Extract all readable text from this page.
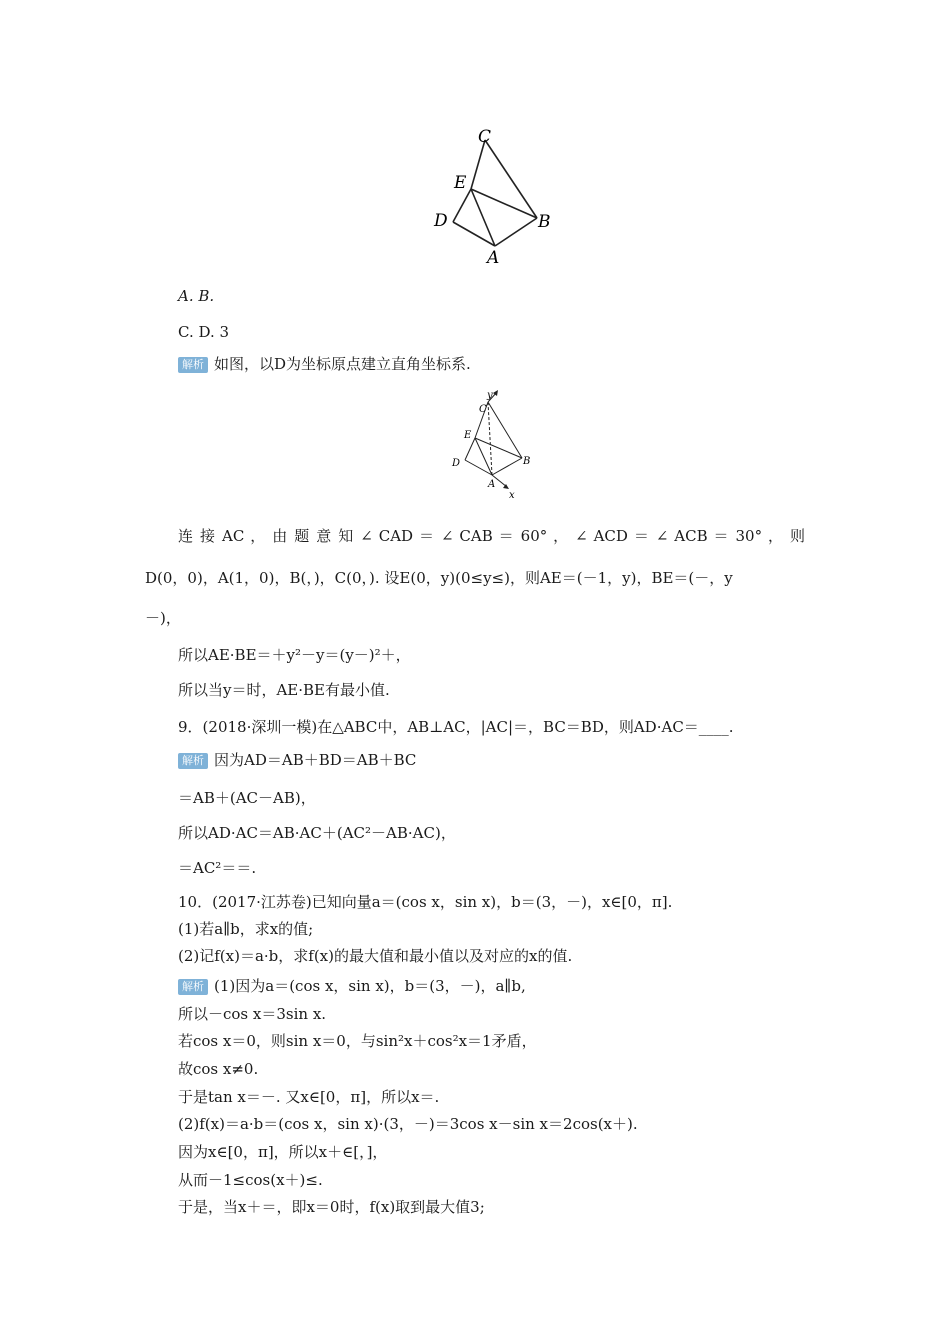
C
E
D	B
A
A. B.
C. D. 3
解析 如图，以D为坐标原点建立直角坐标系.
y
C
E
D	B
A
x
连 接 AC ， 由 题 意 知 ∠ CAD ＝ ∠ CAB ＝ 60° ， ∠ ACD ＝ ∠ ACB ＝ 30° ， 则
D(0，0)，A(1，0)，B(，)，C(0，). 设E(0，y)(0≤y≤)，则AE＝(－1，y)，BE＝(－，y
－)，
所以AE·BE＝＋y²－y＝(y－)²＋，
所以当y＝时，AE·BE有最小值.
9．(2018·深圳一模)在△ABC中，AB⊥AC，|AC|＝，BC＝BD，则AD·AC＝____.
解析 因为AD＝AB＋BD＝AB＋BC
＝AB＋(AC－AB)，
所以AD·AC＝AB·AC＋(AC²－AB·AC)，
＝AC²＝＝.
10．(2017·江苏卷)已知向量a＝(cos x，sin x)，b＝(3，－)，x∈[0，π].
(1)若a∥b，求x的值;
(2)记f(x)＝a·b，求f(x)的最大值和最小值以及对应的x的值.
解析 (1)因为a＝(cos x，sin x)，b＝(3，－)，a∥b,
所以－cos x＝3sin x.
若cos x＝0，则sin x＝0，与sin²x＋cos²x＝1矛盾，
故cos x≠0.
于是tan x＝－. 又x∈[0，π]，所以x＝.
(2)f(x)＝a·b＝(cos x，sin x)·(3，－)＝3cos x－sin x＝2cos(x＋).
因为x∈[0，π]，所以x＋∈[，]，
从而－1≤cos(x＋)≤.
于是，当x＋＝，即x＝0时，f(x)取到最大值3;
